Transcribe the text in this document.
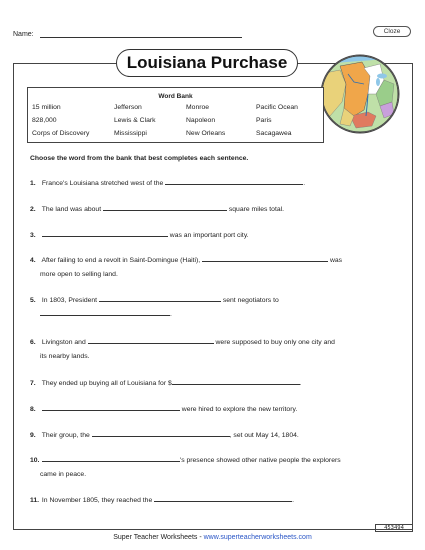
Name:	Cloze
Louisiana Purchase
Word Bank
15 million	Jefferson	Monroe	Pacific Ocean
828,000	Lewis & Clark	Napoleon	Paris
Corps of Discovery	Mississippi	New Orleans	Sacagawea
Choose the word from the bank that best completes each sentence.
1. France's Louisiana stretched west of the	.
2. The land was about	square miles total.
3.	was an important port city.
4. After failing to end a revolt in Saint-Domingue (Haiti),	was
more open to selling land.
5. In 1803, President	sent negotiators to
.
6. Livingston and	were supposed to buy only one city and
its nearby lands.
7. They ended up buying all of Louisiana for $	.
8.	were hired to explore the new territory.
9. Their group, the	, set out May 14, 1804.
10.	's presence showed other native people the explorers
came in peace.
11. In November 1805, they reached the	.
Super Teacher Worksheets - www.superteacherworksheets.com
453494
